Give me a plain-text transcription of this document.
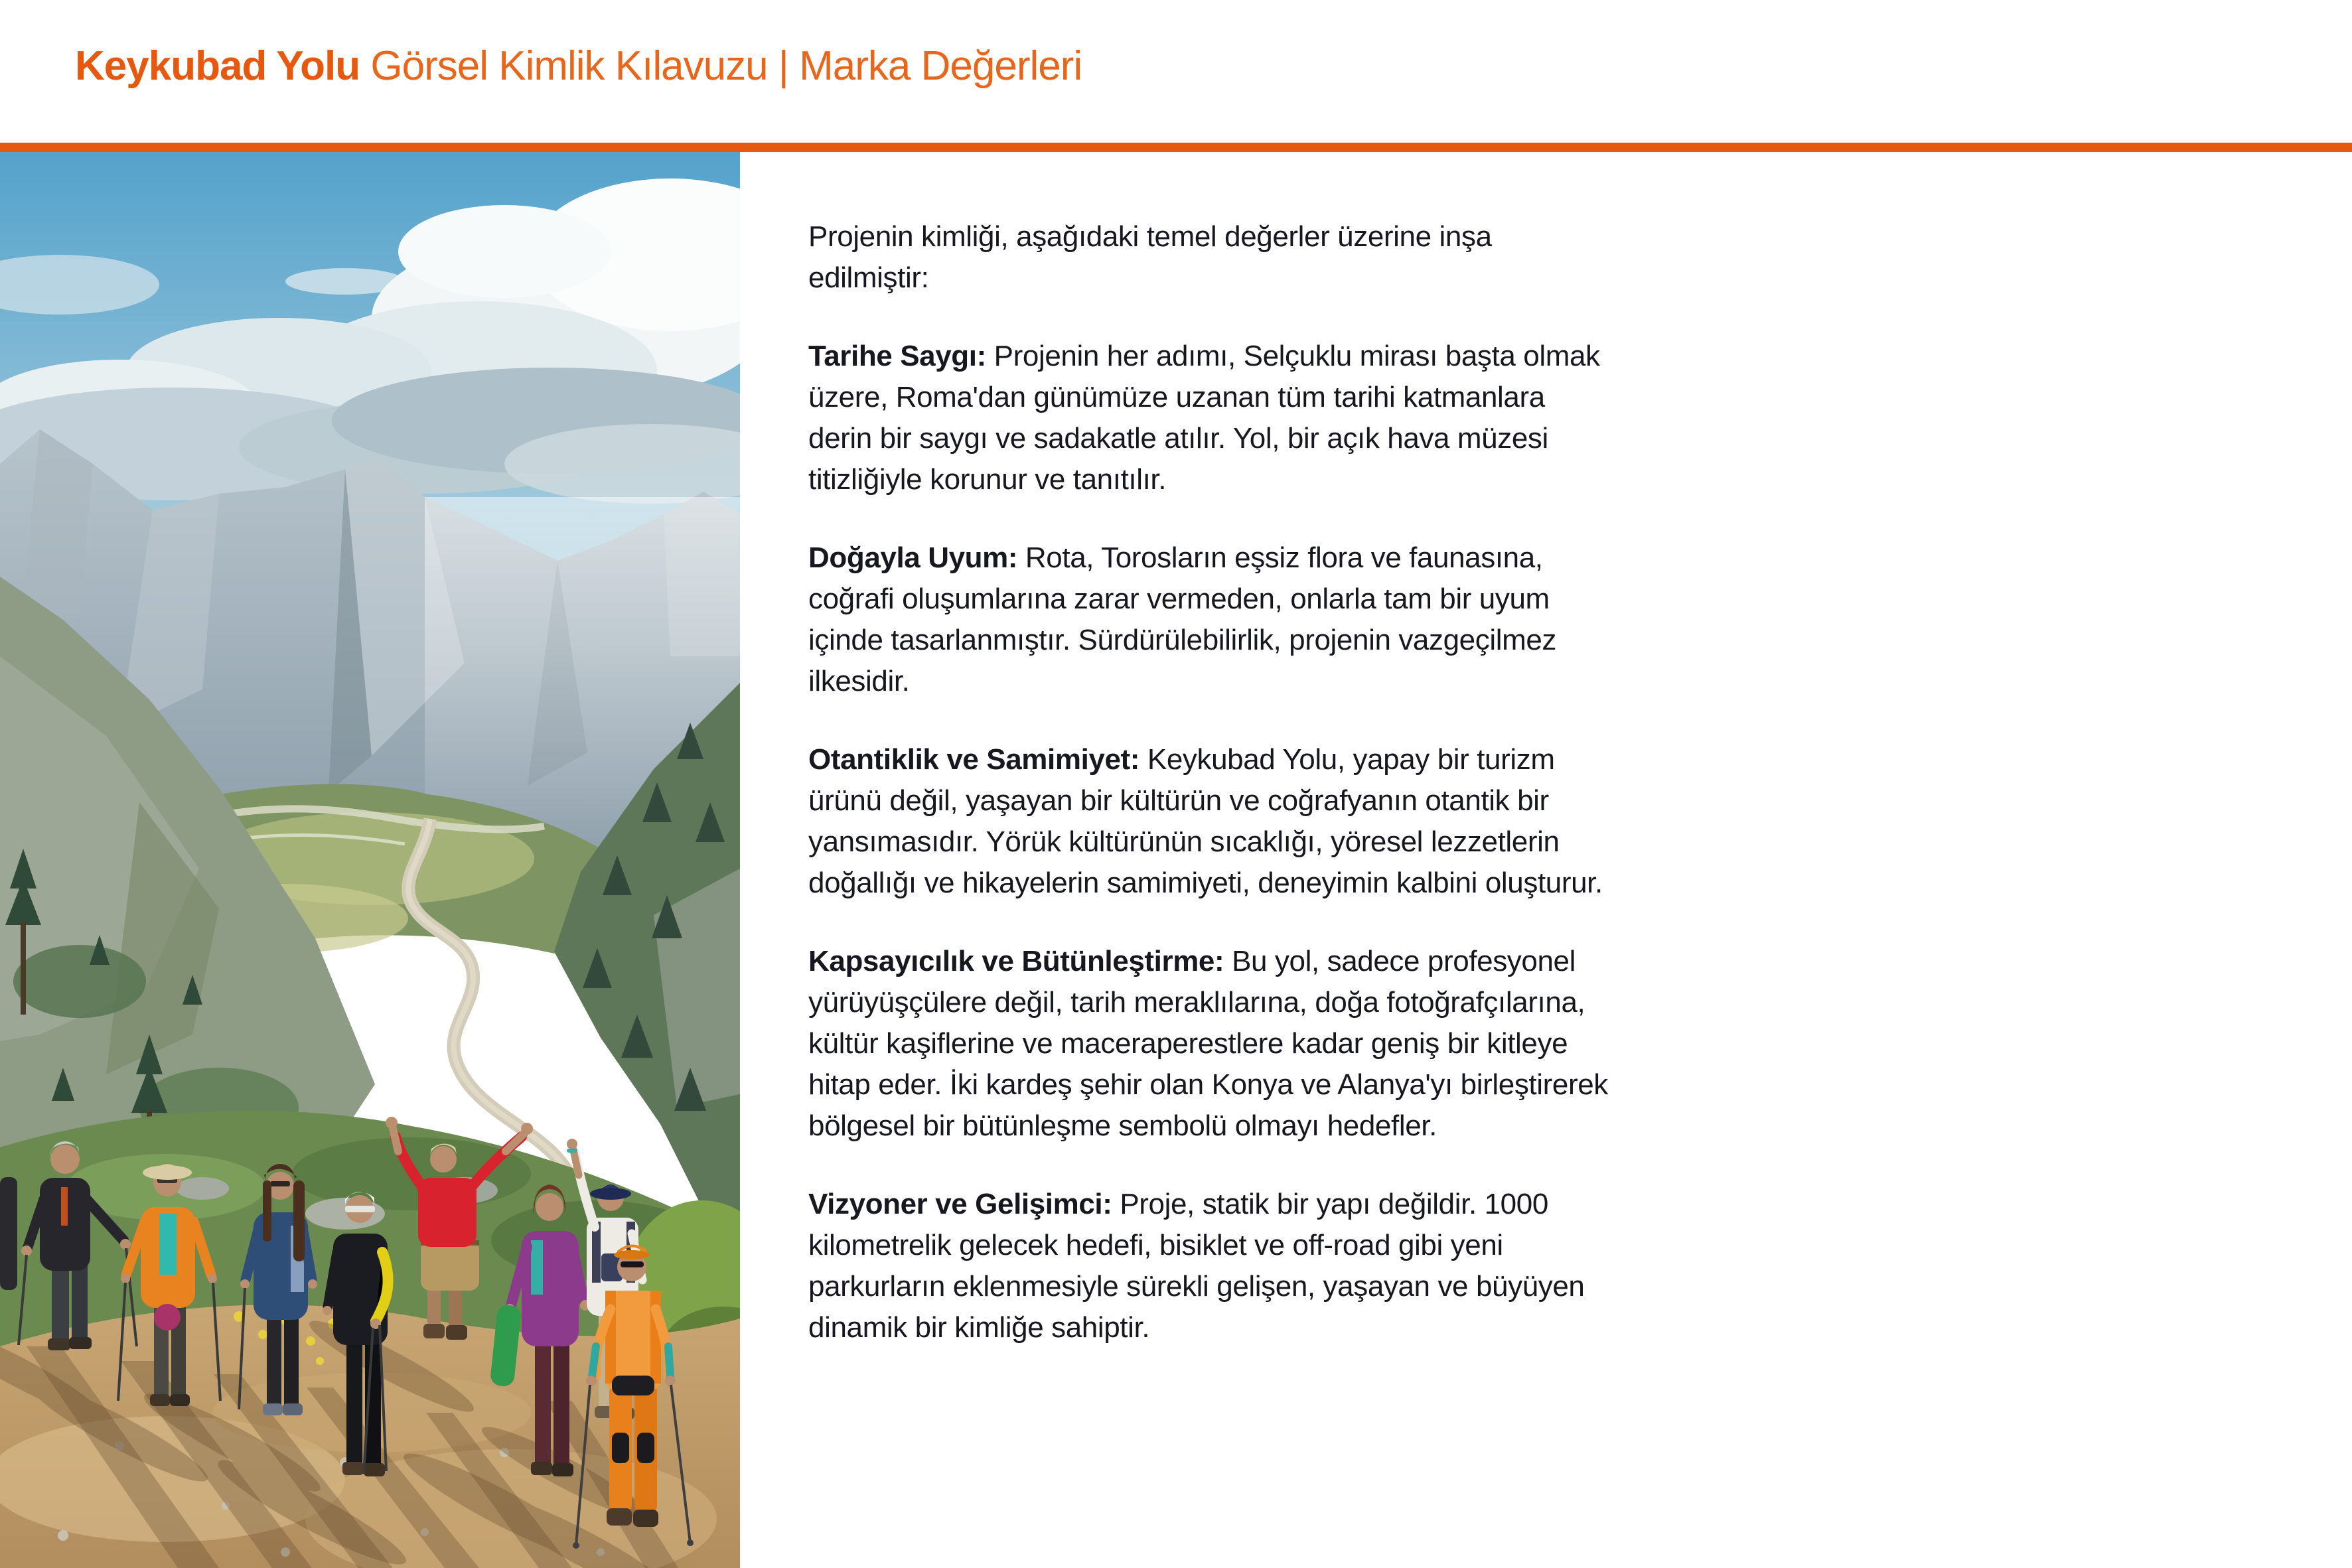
Keykubad Yolu Görsel Kimlik Kılavuzu | Marka Değerleri

Projenin kimliği, aşağıdaki temel değerler üzerine inşa
edilmiştir:

Tarihe Saygı: Projenin her adımı, Selçuklu mirası başta olmak
üzere, Roma'dan günümüze uzanan tüm tarihi katmanlara
derin bir saygı ve sadakatle atılır. Yol, bir açık hava müzesi
titizliğiyle korunur ve tanıtılır.

Doğayla Uyum: Rota, Torosların eşsiz flora ve faunasına,
coğrafi oluşumlarına zarar vermeden, onlarla tam bir uyum
içinde tasarlanmıştır. Sürdürülebilirlik, projenin vazgeçilmez
ilkesidir.

Otantiklik ve Samimiyet: Keykubad Yolu, yapay bir turizm
ürünü değil, yaşayan bir kültürün ve coğrafyanın otantik bir
yansımasıdır. Yörük kültürünün sıcaklığı, yöresel lezzetlerin
doğallığı ve hikayelerin samimiyeti, deneyimin kalbini oluşturur.

Kapsayıcılık ve Bütünleştirme: Bu yol, sadece profesyonel
yürüyüşçülere değil, tarih meraklılarına, doğa fotoğrafçılarına,
kültür kaşiflerine ve maceraperestlere kadar geniş bir kitleye
hitap eder. İki kardeş şehir olan Konya ve Alanya'yı birleştirerek
bölgesel bir bütünleşme sembolü olmayı hedefler.

Vizyoner ve Gelişimci: Proje, statik bir yapı değildir. 1000
kilometrelik gelecek hedefi, bisiklet ve off-road gibi yeni
parkurların eklenmesiyle sürekli gelişen, yaşayan ve büyüyen
dinamik bir kimliğe sahiptir.
